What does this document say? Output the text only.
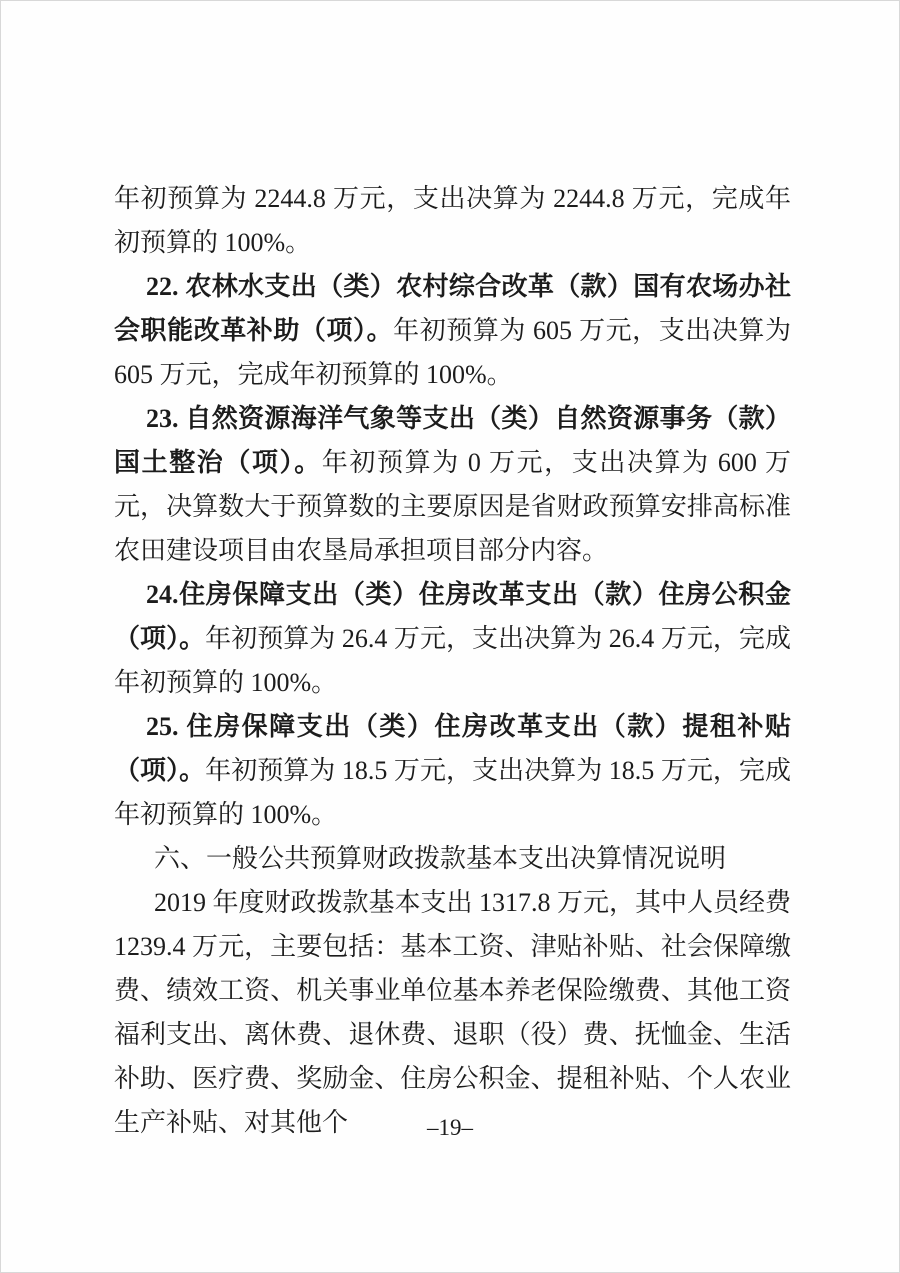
年初预算为 2244.8 万元，支出决算为 2244.8 万元，完成年初预算的 100%。

22. 农林水支出（类）农村综合改革（款）国有农场办社会职能改革补助（项）。年初预算为 605 万元，支出决算为 605 万元，完成年初预算的 100%。

23. 自然资源海洋气象等支出（类）自然资源事务（款）国土整治（项）。年初预算为 0 万元，支出决算为 600 万元，决算数大于预算数的主要原因是省财政预算安排高标准农田建设项目由农垦局承担项目部分内容。

24.住房保障支出（类）住房改革支出（款）住房公积金（项）。年初预算为 26.4 万元，支出决算为 26.4 万元，完成年初预算的 100%。

25. 住房保障支出（类）住房改革支出（款）提租补贴（项）。年初预算为 18.5 万元，支出决算为 18.5 万元，完成年初预算的 100%。

六、一般公共预算财政拨款基本支出决算情况说明

2019 年度财政拨款基本支出 1317.8 万元，其中人员经费 1239.4 万元，主要包括：基本工资、津贴补贴、社会保障缴费、绩效工资、机关事业单位基本养老保险缴费、其他工资福利支出、离休费、退休费、退职（役）费、抚恤金、生活补助、医疗费、奖励金、住房公积金、提租补贴、个人农业生产补贴、对其他个	–19–
